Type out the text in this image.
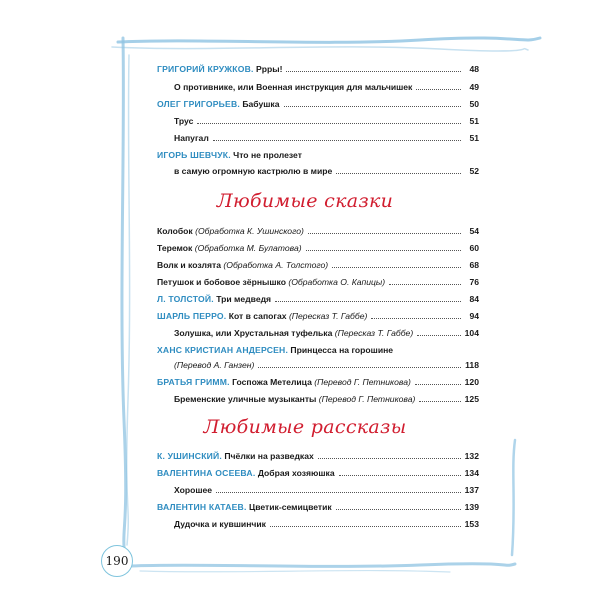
ГРИГОРИЙ КРУЖКОВ.
Ррры!	48
О противнике, или Военная инструкция для мальчишек	49
ОЛЕГ ГРИГОРЬЕВ.
Бабушка	50
Трус	51
Напугал	51
ИГОРЬ ШЕВЧУК.
Что не пролезет
в самую огромную кастрюлю в мире	52
Любимые сказки
Колобок
(Обработка К. Ушинского)	54
Теремок
(Обработка М. Булатова)	60
Волк и козлята
(Обработка А. Толстого)	68
Петушок и бобовое зёрнышко
(Обработка О. Капицы)	76
Л. ТОЛСТОЙ.
Три медведя	84
ШАРЛЬ ПЕРРО.
Кот в сапогах
(Пересказ Т. Габбе)	94
Золушка, или Хрустальная туфелька
(Пересказ Т. Габбе)	104
ХАНС КРИСТИАН АНДЕРСЕН.
Принцесса на горошине
(Перевод А. Ганзен)	118
БРАТЬЯ ГРИММ.
Госпожа Метелица
(Перевод Г. Петникова)	120
Бременские уличные музыканты
(Перевод Г. Петникова)	125
Любимые рассказы
К. УШИНСКИЙ.
Пчёлки на разведках	132
ВАЛЕНТИНА ОСЕЕВА.
Добрая хозяюшка	134
Хорошее	137
ВАЛЕНТИН КАТАЕВ.
Цветик-семицветик	139
Дудочка и кувшинчик	153
190
